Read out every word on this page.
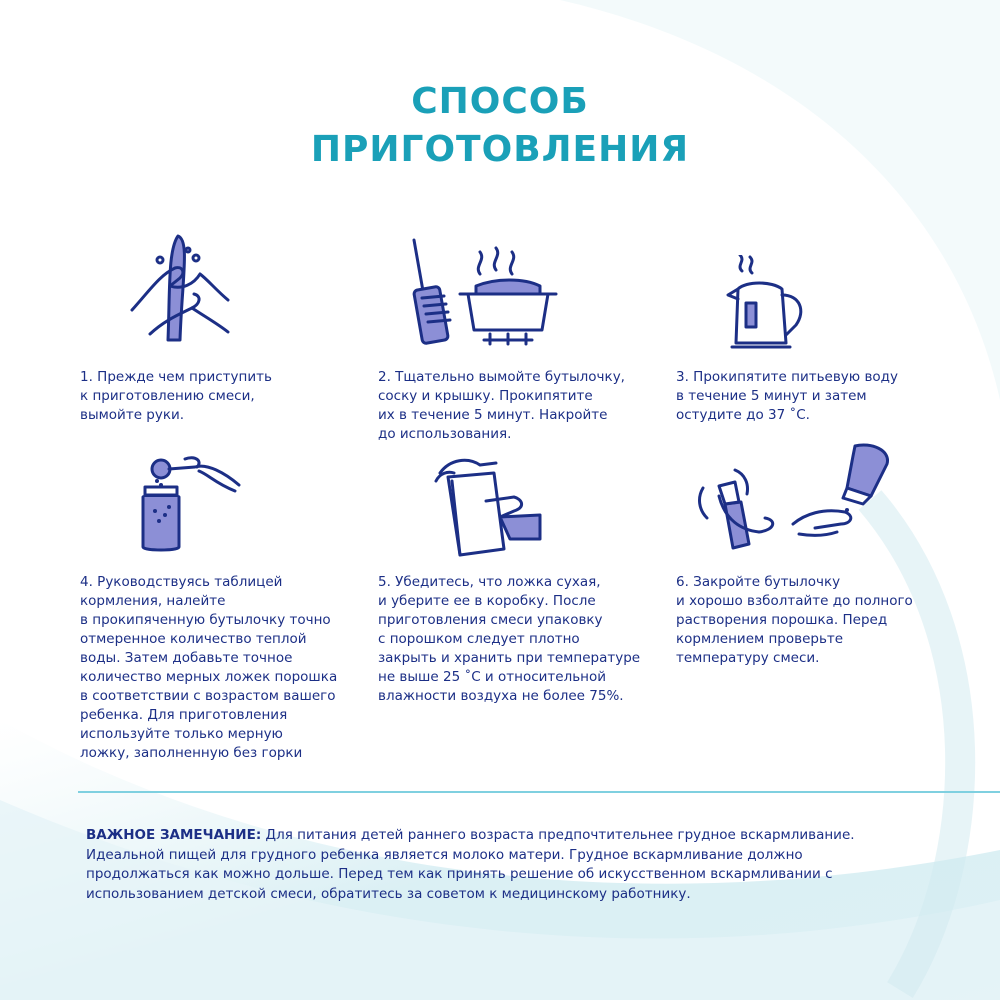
СПОСОБ
ПРИГОТОВЛЕНИЯ
1. Прежде чем приступить
к приготовлению смеси,
вымойте руки.
2. Тщательно вымойте бутылочку,
соску и крышку. Прокипятите
их в течение 5 минут. Накройте
до использования.
3. Прокипятите питьевую воду
в течение 5 минут и затем
остудите до 37 ˚С.
4. Руководствуясь таблицей
кормления, налейте
в прокипяченную бутылочку точно
отмеренное количество теплой
воды. Затем добавьте точное
количество мерных ложек порошка
в соответствии с возрастом вашего
ребенка. Для приготовления
используйте только мерную
ложку, заполненную без горки
5. Убедитесь, что ложка сухая,
и уберите ее в коробку. После
приготовления смеси упаковку
с порошком следует плотно
закрыть и хранить при температуре
не выше 25 ˚С и относительной
влажности воздуха не более 75%.
6. Закройте бутылочку
и хорошо взболтайте до полного
растворения порошка. Перед
кормлением проверьте
температуру смеси.
ВАЖНОЕ ЗАМЕЧАНИЕ: Для питания детей раннего возраста предпочтительнее грудное вскармливание. Идеальной пищей для грудного ребенка является молоко матери. Грудное вскармливание должно продолжаться как можно дольше. Перед тем как принять решение об искусственном вскармливании с использованием детской смеси, обратитесь за советом к медицинскому работнику.
